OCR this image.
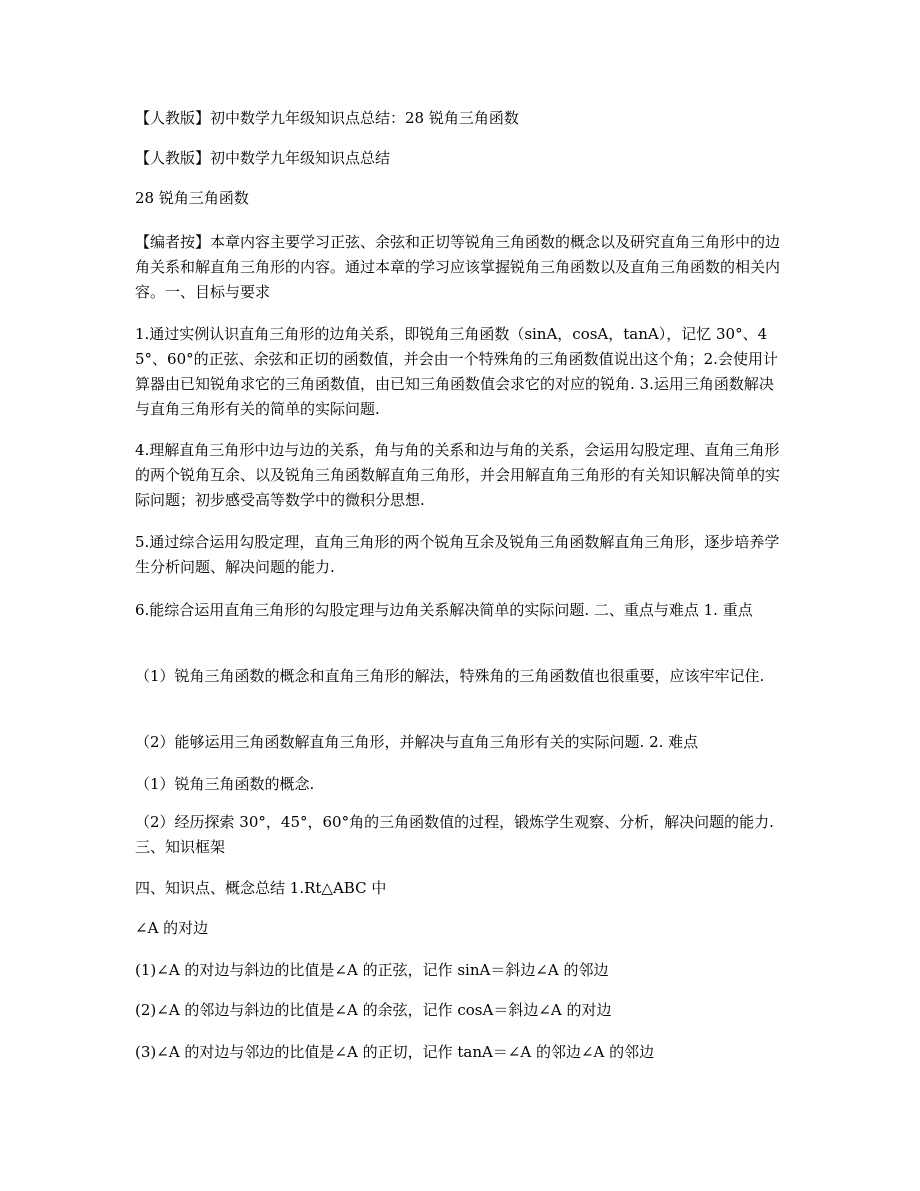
【人教版】初中数学九年级知识点总结：28 锐角三角函数

【人教版】初中数学九年级知识点总结

28 锐角三角函数

【编者按】本章内容主要学习正弦、余弦和正切等锐角三角函数的概念以及研究直角三角形中的边角关系和解直角三角形的内容。通过本章的学习应该掌握锐角三角函数以及直角三角函数的相关内容。一、目标与要求

1.通过实例认识直角三角形的边角关系，即锐角三角函数（sinA，cosA，tanA），记忆 30°、45°、60°的正弦、余弦和正切的函数值，并会由一个特殊角的三角函数值说出这个角；2.会使用计算器由已知锐角求它的三角函数值，由已知三角函数值会求它的对应的锐角. 3.运用三角函数解决与直角三角形有关的简单的实际问题.

4.理解直角三角形中边与边的关系，角与角的关系和边与角的关系，会运用勾股定理、直角三角形的两个锐角互余、以及锐角三角函数解直角三角形，并会用解直角三角形的有关知识解决简单的实际问题；初步感受高等数学中的微积分思想.

5.通过综合运用勾股定理，直角三角形的两个锐角互余及锐角三角函数解直角三角形，逐步培养学生分析问题、解决问题的能力.

6.能综合运用直角三角形的勾股定理与边角关系解决简单的实际问题. 二、重点与难点 1. 重点

（1）锐角三角函数的概念和直角三角形的解法，特殊角的三角函数值也很重要，应该牢牢记住.

（2）能够运用三角函数解直角三角形，并解决与直角三角形有关的实际问题. 2. 难点

（1）锐角三角函数的概念.

（2）经历探索 30°，45°，60°角的三角函数值的过程，锻炼学生观察、分析，解决问题的能力. 三、知识框架

四、知识点、概念总结 1.Rt△ABC 中

∠A 的对边

(1)∠A 的对边与斜边的比值是∠A 的正弦，记作 sinA＝斜边∠A 的邻边

(2)∠A 的邻边与斜边的比值是∠A 的余弦，记作 cosA＝斜边∠A 的对边

(3)∠A 的对边与邻边的比值是∠A 的正切，记作 tanA＝∠A 的邻边∠A 的邻边
